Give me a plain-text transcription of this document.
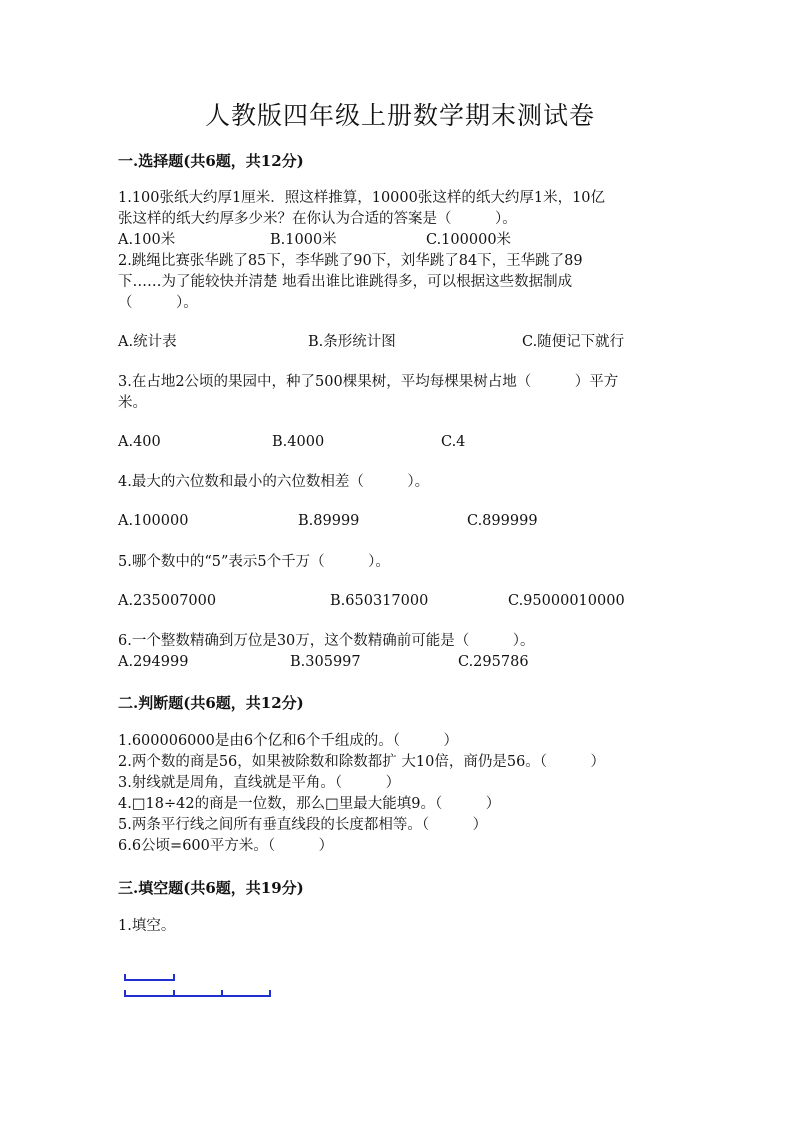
人教版四年级上册数学期末测试卷
一.选择题(共6题，共12分)
1.100张纸大约厚1厘米．照这样推算，10000张这样的纸大约厚1米，10亿
张这样的纸大约厚多少米？在你认为合适的答案是（　　　）。
A.100米	B.1000米	C.100000米
2.跳绳比赛张华跳了85下，李华跳了90下，刘华跳了84下，王华跳了89
下……为了能较快并清楚 地看出谁比谁跳得多，可以根据这些数据制成
（　　　）。
A.统计表	B.条形统计图	C.随便记下就行
3.在占地2公顷的果园中，种了500棵果树，平均每棵果树占地（　　　）平方
米。
A.400	B.4000	C.4
4.最大的六位数和最小的六位数相差（　　　）。
A.100000	B.89999	C.899999
5.哪个数中的“5”表示5个千万（　　　）。
A.235007000	B.650317000	C.95000010000
6.一个整数精确到万位是30万，这个数精确前可能是（　　　）。
A.294999	B.305997	C.295786
二.判断题(共6题，共12分)
1.600006000是由6个亿和6个千组成的。（　　　）
2.两个数的商是56，如果被除数和除数都扩 大10倍，商仍是56。（　　　）
3.射线就是周角，直线就是平角。（　　　）
4.□18÷42的商是一位数，那么□里最大能填9。（　　　）
5.两条平行线之间所有垂直线段的长度都相等。（　　　）
6.6公顷=600平方米。（　　　）
三.填空题(共6题，共19分)
1.填空。
